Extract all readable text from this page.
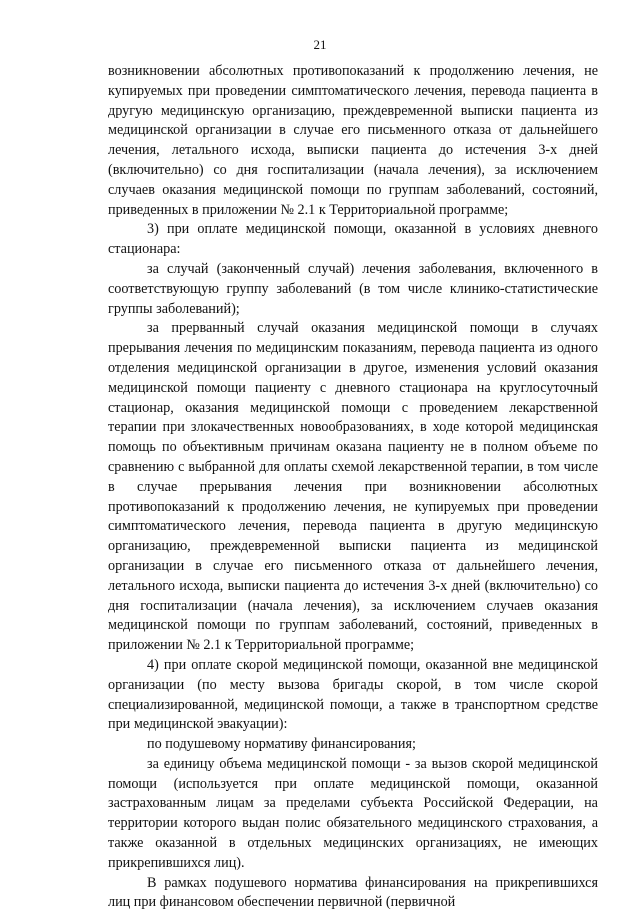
21

возникновении абсолютных противопоказаний к продолжению лечения, не купируемых при проведении симптоматического лечения, перевода пациента в другую медицинскую организацию, преждевременной выписки пациента из медицинской организации в случае его письменного отказа от дальнейшего лечения, летального исхода, выписки пациента до истечения 3-х дней (включительно) со дня госпитализации (начала лечения), за исключением случаев оказания медицинской помощи по группам заболеваний, состояний, приведенных в приложении № 2.1 к Территориальной программе;

3) при оплате медицинской помощи, оказанной в условиях дневного стационара:

за случай (законченный случай) лечения заболевания, включенного в соответствующую группу заболеваний (в том числе клинико-статистические группы заболеваний);

за прерванный случай оказания медицинской помощи в случаях прерывания лечения по медицинским показаниям, перевода пациента из одного отделения медицинской организации в другое, изменения условий оказания медицинской помощи пациенту с дневного стационара на круглосуточный стационар, оказания медицинской помощи с проведением лекарственной терапии при злокачественных новообразованиях, в ходе которой медицинская помощь по объективным причинам оказана пациенту не в полном объеме по сравнению с выбранной для оплаты схемой лекарственной терапии, в том числе в случае прерывания лечения при возникновении абсолютных противопоказаний к продолжению лечения, не купируемых при проведении симптоматического лечения, перевода пациента в другую медицинскую организацию, преждевременной выписки пациента из медицинской организации в случае его письменного отказа от дальнейшего лечения, летального исхода, выписки пациента до истечения 3-х дней (включительно) со дня госпитализации (начала лечения), за исключением случаев оказания медицинской помощи по группам заболеваний, состояний, приведенных в приложении № 2.1 к Территориальной программе;

4) при оплате скорой медицинской помощи, оказанной вне медицинской организации (по месту вызова бригады скорой, в том числе скорой специализированной, медицинской помощи, а также в транспортном средстве при медицинской эвакуации):

по подушевому нормативу финансирования;

за единицу объема медицинской помощи - за вызов скорой медицинской помощи (используется при оплате медицинской помощи, оказанной застрахованным лицам за пределами субъекта Российской Федерации, на территории которого выдан полис обязательного медицинского страхования, а также оказанной в отдельных медицинских организациях, не имеющих прикрепившихся лиц).

В рамках подушевого норматива финансирования на прикрепившихся лиц при финансовом обеспечении первичной (первичной
